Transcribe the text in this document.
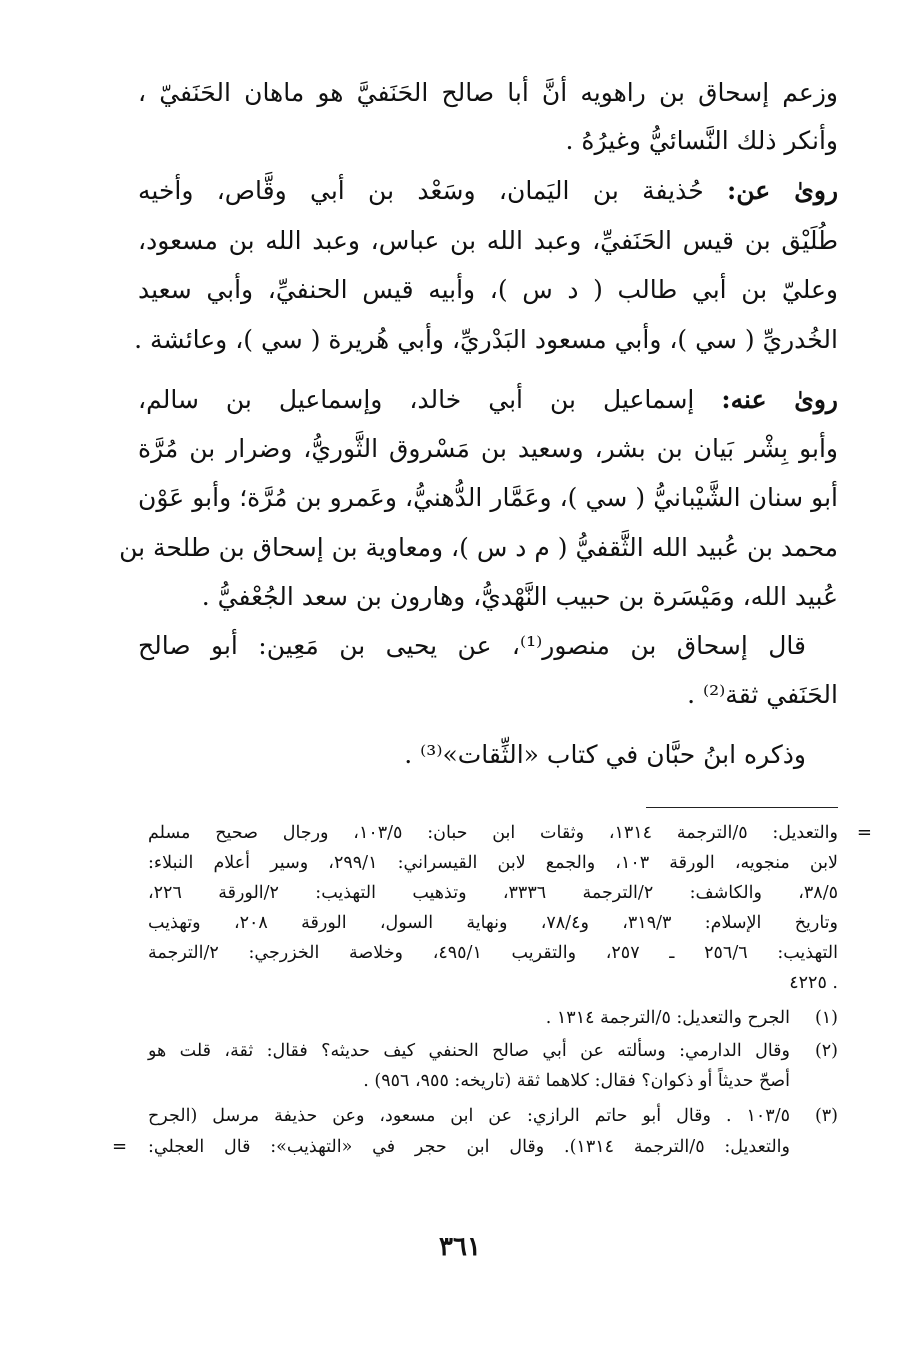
وزعم إسحاق بن راهويه أنَّ أبا صالح الحَنَفيَّ هو ماهان الحَنَفيّ ،
وأنكر ذلك النَّسائيُّ وغيرُهُ .
روىٰ عن: حُذيفة بن اليَمان، وسَعْد بن أبي وقَّاص، وأخيه
طُلَيْق بن قيس الحَنَفيِّ، وعبد الله بن عباس، وعبد الله بن مسعود،
وعليّ بن أبي طالب ( د س )، وأبيه قيس الحنفيِّ، وأبي سعيد
الخُدريِّ ( سي )، وأبي مسعود البَدْريِّ، وأبي هُريرة ( سي )، وعائشة .
روىٰ عنه: إسماعيل بن أبي خالد، وإسماعيل بن سالم،
وأبو بِشْر بَيان بن بشر، وسعيد بن مَسْروق الثَّوريُّ، وضرار بن مُرَّة
أبو سنان الشَّيْبانيُّ ( سي )، وعَمَّار الدُّهنيُّ، وعَمرو بن مُرَّة؛ وأبو عَوْن
محمد بن عُبيد الله الثَّقفيُّ ( م د س )، ومعاوية بن إسحاق بن طلحة بن
عُبيد الله، ومَيْسَرة بن حبيب النَّهْديُّ، وهارون بن سعد الجُعْفيُّ .
قال إسحاق بن منصور⁽¹⁾، عن يحيى بن مَعِين: أبو صالح
الحَنَفي ثقة⁽²⁾ .
وذكره ابنُ حبَّان في كتاب «الثِّقات»⁽³⁾ .
=
والتعديل: ٥/الترجمة ١٣١٤، وثقات ابن حبان: ١٠٣/٥، ورجال صحيح مسلم
لابن منجويه، الورقة ١٠٣، والجمع لابن القيسراني: ٢٩٩/١، وسير أعلام النبلاء:
٣٨/٥، والكاشف: ٢/الترجمة ٣٣٣٦، وتذهيب التهذيب: ٢/الورقة ٢٢٦،
وتاريخ الإسلام: ٣١٩/٣، و٧٨/٤، ونهاية السول، الورقة ٢٠٨، وتهذيب
التهذيب: ٢٥٦/٦ ـ ٢٥٧، والتقريب ٤٩٥/١، وخلاصة الخزرجي: ٢/الترجمة
٤٢٢٥ .
(١)
الجرح والتعديل: ٥/الترجمة ١٣١٤ .
(٢)
وقال الدارمي: وسألته عن أبي صالح الحنفي كيف حديثه؟ فقال: ثقة، قلت هو
أصحّ حديثاً أو ذكوان؟ فقال: كلاهما ثقة (تاريخه: ٩٥٥، ٩٥٦) .
(٣)
١٠٣/٥ . وقال أبو حاتم الرازي: عن ابن مسعود، وعن حذيفة مرسل (الجرح
والتعديل: ٥/الترجمة ١٣١٤). وقال ابن حجر في «التهذيب»: قال العجلي:
=
٣٦١
